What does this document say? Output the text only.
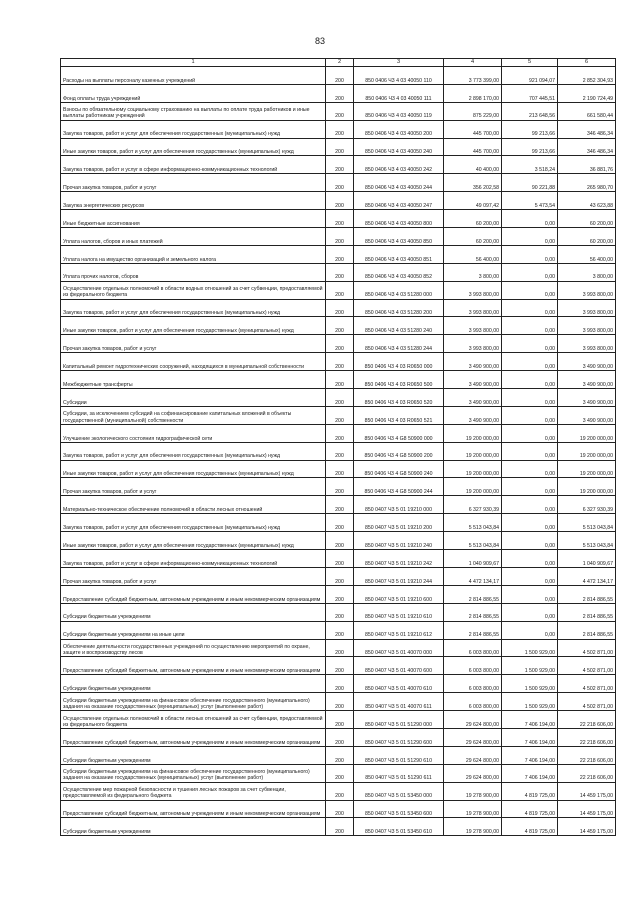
83
1	2	3	4	5	6
Расходы на выплаты персоналу казенных учреждений	200	850 0406 Ч3 4 03 40050 110	3 773 399,00	921 094,07	2 852 304,93
Фонд оплаты труда учреждений	200	850 0406 Ч3 4 03 40050 111	2 898 170,00	707 445,51	2 190 724,49
Взносы по обязательному социальному страхованию на выплаты по оплате труда работников и иные выплаты работникам учреждений	200	850 0406 Ч3 4 03 40050 119	875 229,00	213 648,56	661 580,44
Закупка товаров, работ и услуг для обеспечения государственных (муниципальных) нужд	200	850 0406 Ч3 4 03 40050 200	445 700,00	99 213,66	346 486,34
Иные закупки товаров, работ и услуг для обеспечения государственных (муниципальных) нужд	200	850 0406 Ч3 4 03 40050 240	445 700,00	99 213,66	346 486,34
Закупка товаров, работ и услуг в сфере информационно-коммуникационных технологий	200	850 0406 Ч3 4 03 40050 242	40 400,00	3 518,24	36 881,76
Прочая закупка товаров, работ и услуг	200	850 0406 Ч3 4 03 40050 244	356 202,58	90 221,88	265 980,70
Закупка энергетических ресурсов	200	850 0406 Ч3 4 03 40050 247	49 097,42	5 473,54	43 623,88
Иные бюджетные ассигнования	200	850 0406 Ч3 4 03 40050 800	60 200,00	0,00	60 200,00
Уплата налогов, сборов и иных платежей	200	850 0406 Ч3 4 03 40050 850	60 200,00	0,00	60 200,00
Уплата налога на имущество организаций и земельного налога	200	850 0406 Ч3 4 03 40050 851	56 400,00	0,00	56 400,00
Уплата прочих налогов, сборов	200	850 0406 Ч3 4 03 40050 852	3 800,00	0,00	3 800,00
Осуществление отдельных полномочий в области водных отношений за счет субвенции, предоставляемой из федерального бюджета	200	850 0406 Ч3 4 03 51280 000	3 993 800,00	0,00	3 993 800,00
Закупка товаров, работ и услуг для обеспечения государственных (муниципальных) нужд	200	850 0406 Ч3 4 03 51280 200	3 993 800,00	0,00	3 993 800,00
Иные закупки товаров, работ и услуг для обеспечения государственных (муниципальных) нужд	200	850 0406 Ч3 4 03 51280 240	3 993 800,00	0,00	3 993 800,00
Прочая закупка товаров, работ и услуг	200	850 0406 Ч3 4 03 51280 244	3 993 800,00	0,00	3 993 800,00
Капитальный ремонт гидротехнических сооружений, находящихся в муниципальной собственности	200	850 0406 Ч3 4 03 R0650 000	3 490 900,00	0,00	3 490 900,00
Межбюджетные трансферты	200	850 0406 Ч3 4 03 R0650 500	3 490 900,00	0,00	3 490 900,00
Субсидии	200	850 0406 Ч3 4 03 R0650 520	3 490 900,00	0,00	3 490 900,00
Субсидии, за исключением субсидий на софинансирование капитальных вложений в объекты государственной (муниципальной) собственности	200	850 0406 Ч3 4 03 R0650 521	3 490 900,00	0,00	3 490 900,00
Улучшение экологического состояния гидрографической сети	200	850 0406 Ч3 4 G8 50900 000	19 200 000,00	0,00	19 200 000,00
Закупка товаров, работ и услуг для обеспечения государственных (муниципальных) нужд	200	850 0406 Ч3 4 G8 50900 200	19 200 000,00	0,00	19 200 000,00
Иные закупки товаров, работ и услуг для обеспечения государственных (муниципальных) нужд	200	850 0406 Ч3 4 G8 50900 240	19 200 000,00	0,00	19 200 000,00
Прочая закупка товаров, работ и услуг	200	850 0406 Ч3 4 G8 50900 244	19 200 000,00	0,00	19 200 000,00
Материально-техническое обеспечение полномочий в области лесных отношений	200	850 0407 Ч3 5 01 19210 000	6 327 930,39	0,00	6 327 930,39
Закупка товаров, работ и услуг для обеспечения государственных (муниципальных) нужд	200	850 0407 Ч3 5 01 19210 200	5 513 043,84	0,00	5 513 043,84
Иные закупки товаров, работ и услуг для обеспечения государственных (муниципальных) нужд	200	850 0407 Ч3 5 01 19210 240	5 513 043,84	0,00	5 513 043,84
Закупка товаров, работ и услуг в сфере информационно-коммуникационных технологий	200	850 0407 Ч3 5 01 19210 242	1 040 909,67	0,00	1 040 909,67
Прочая закупка товаров, работ и услуг	200	850 0407 Ч3 5 01 19210 244	4 472 134,17	0,00	4 472 134,17
Предоставление субсидий бюджетным, автономным учреждениям и иным некоммерческим организациям	200	850 0407 Ч3 5 01 19210 600	2 814 886,55	0,00	2 814 886,55
Субсидии бюджетным учреждениям	200	850 0407 Ч3 5 01 19210 610	2 814 886,55	0,00	2 814 886,55
Субсидии бюджетным учреждениям на иные цели	200	850 0407 Ч3 5 01 19210 612	2 814 886,55	0,00	2 814 886,55
Обеспечение деятельности государственных учреждений по осуществлению мероприятий по охране, защите и воспроизводству лесов	200	850 0407 Ч3 5 01 40070 000	6 003 800,00	1 500 929,00	4 502 871,00
Предоставление субсидий бюджетным, автономным учреждениям и иным некоммерческим организациям	200	850 0407 Ч3 5 01 40070 600	6 003 800,00	1 500 929,00	4 502 871,00
Субсидии бюджетным учреждениям	200	850 0407 Ч3 5 01 40070 610	6 003 800,00	1 500 929,00	4 502 871,00
Субсидии бюджетным учреждениям на финансовое обеспечение государственного (муниципального) задания на оказание государственных (муниципальных) услуг (выполнение работ)	200	850 0407 Ч3 5 01 40070 611	6 003 800,00	1 500 929,00	4 502 871,00
Осуществление отдельных полномочий в области лесных отношений за счет субвенции, предоставляемой из федерального бюджета	200	850 0407 Ч3 5 01 51290 000	29 624 800,00	7 406 194,00	22 218 606,00
Предоставление субсидий бюджетным, автономным учреждениям и иным некоммерческим организациям	200	850 0407 Ч3 5 01 51290 600	29 624 800,00	7 406 194,00	22 218 606,00
Субсидии бюджетным учреждениям	200	850 0407 Ч3 5 01 51290 610	29 624 800,00	7 406 194,00	22 218 606,00
Субсидии бюджетным учреждениям на финансовое обеспечение государственного (муниципального) задания на оказание государственных (муниципальных) услуг (выполнение работ)	200	850 0407 Ч3 5 01 51290 611	29 624 800,00	7 406 194,00	22 218 606,00
Осуществление мер пожарной безопасности и тушения лесных пожаров за счет субвенции, предоставляемой из федерального бюджета	200	850 0407 Ч3 5 01 53450 000	19 278 900,00	4 819 725,00	14 459 175,00
Предоставление субсидий бюджетным, автономным учреждениям и иным некоммерческим организациям	200	850 0407 Ч3 5 01 53450 600	19 278 900,00	4 819 725,00	14 459 175,00
Субсидии бюджетным учреждениям	200	850 0407 Ч3 5 01 53450 610	19 278 900,00	4 819 725,00	14 459 175,00
